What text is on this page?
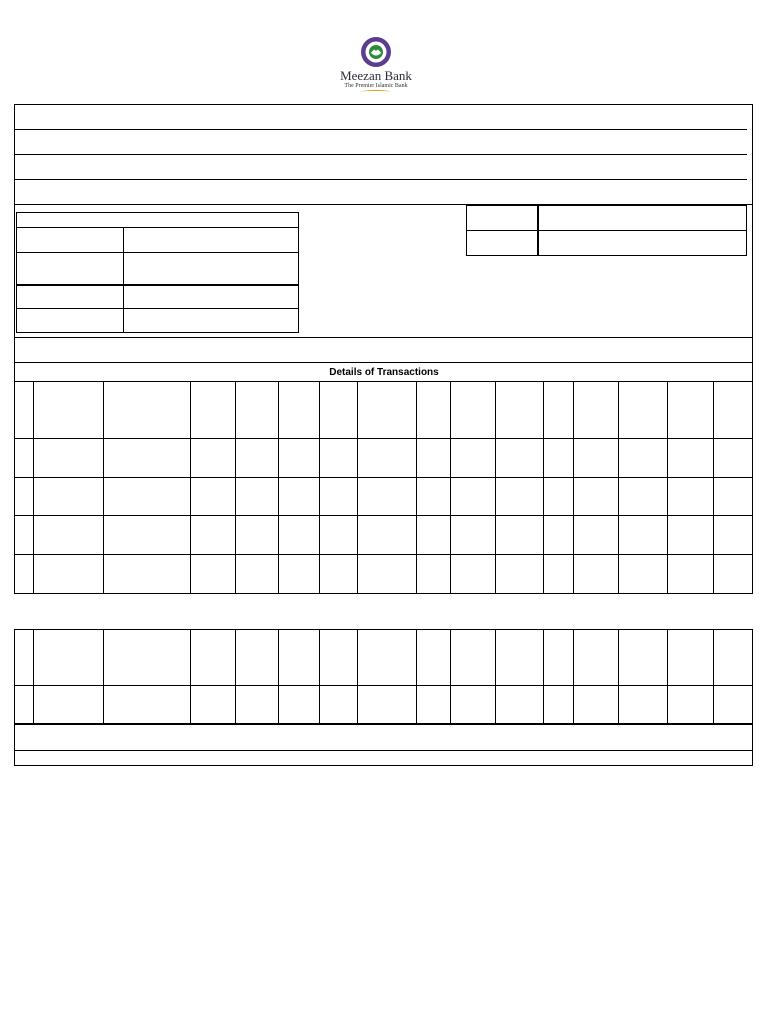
Meezan Bank
The Premier Islamic Bank
Details of Transactions
